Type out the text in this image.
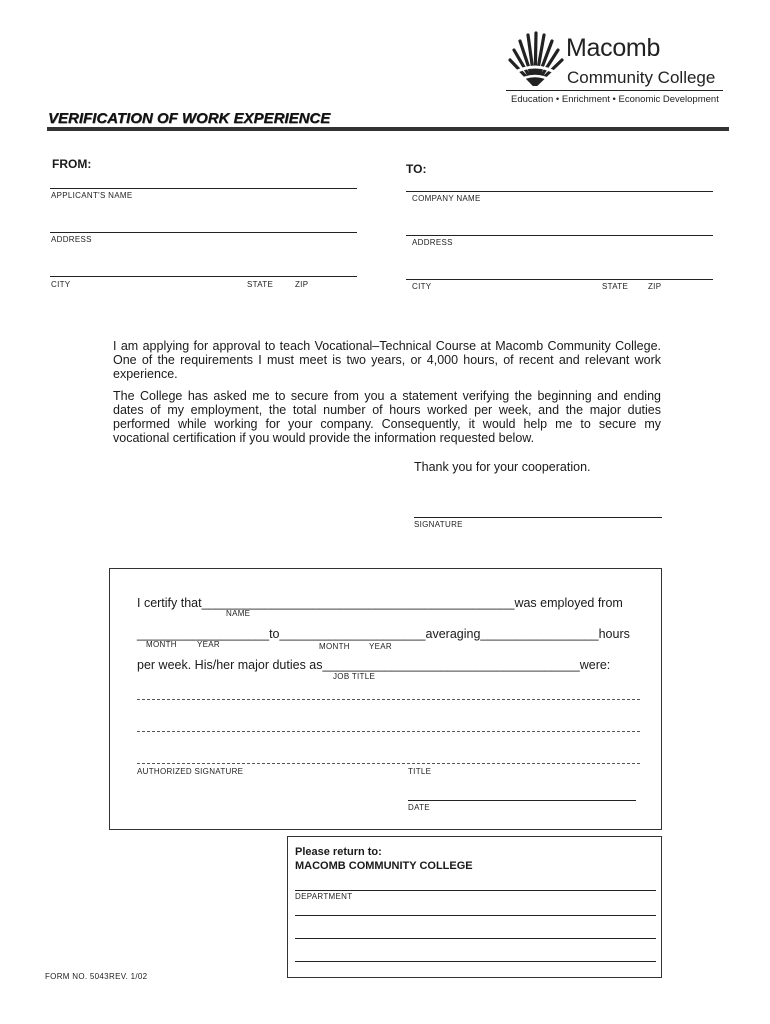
Macomb
Community College
Education • Enrichment • Economic Development
VERIFICATION OF WORK EXPERIENCE
FROM:
APPLICANT'S NAME
ADDRESS
CITY	STATE	ZIP
TO:
COMPANY NAME
ADDRESS
CITY	STATE ZIP
I am applying for approval to teach Vocational–Technical Course at Macomb Community College. One of the requirements I must meet is two years, or 4,000 hours, of recent and relevant work experience.
The College has asked me to secure from you a statement verifying the beginning and ending dates of my employment, the total number of hours worked per week, and the major duties performed while working for your company. Consequently, it would help me to secure my vocational certification if you would provide the information requested below.
Thank you for your cooperation.
SIGNATURE
I certify that_____________________________________________was employed from
NAME
___________________to_____________________averaging_________________hours
MONTH	YEAR	MONTH YEAR
per week. His/her major duties as_____________________________________were:
JOB TITLE
AUTHORIZED SIGNATURE	TITLE
DATE
Please return to:
MACOMB COMMUNITY COLLEGE
DEPARTMENT
FORM NO. 5043 REV. 1/02
